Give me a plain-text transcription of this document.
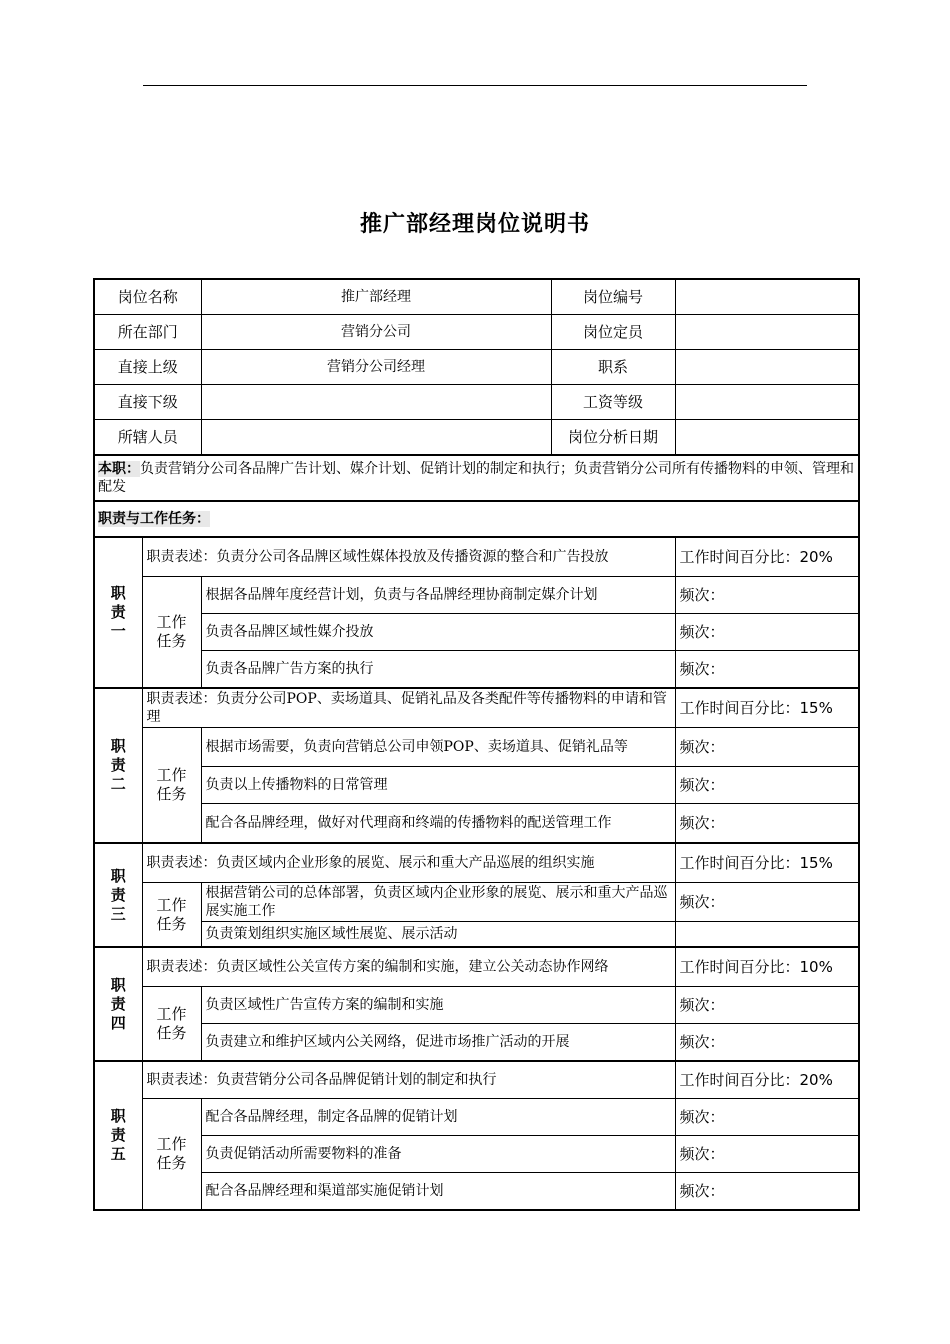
推广部经理岗位说明书
岗位名称		推广部经理	岗位编号	
所在部门		营销分公司	岗位定员	
直接上级		营销分公司经理	职系	
直接下级			工资等级	
所辖人员			岗位分析日期	
本职：负责营销分公司各品牌广告计划、媒介计划、促销计划的制定和执行；负责营销分公司所有传播物料的申领、管理和配发				
职责与工作任务：				
职责一	职责表述：负责分公司各品牌区域性媒体投放及传播资源的整合和广告投放			工作时间百分比：20%
	工作任务	根据各品牌年度经营计划，负责与各品牌经理协商制定媒介计划		频次：
		负责各品牌区域性媒介投放		频次：
		负责各品牌广告方案的执行		频次：
职责二	职责表述：负责分公司POP、卖场道具、促销礼品及各类配件等传播物料的申请和管理			工作时间百分比：15%
	工作任务	根据市场需要，负责向营销总公司申领POP、卖场道具、促销礼品等		频次：
		负责以上传播物料的日常管理		频次：
		配合各品牌经理，做好对代理商和终端的传播物料的配送管理工作		频次：
职责三	职责表述：负责区域内企业形象的展览、展示和重大产品巡展的组织实施			工作时间百分比：15%
	工作任务	根据营销公司的总体部署，负责区域内企业形象的展览、展示和重大产品巡展实施工作		频次：
		负责策划组织实施区域性展览、展示活动		
职责四	职责表述：负责区域性公关宣传方案的编制和实施，建立公关动态协作网络			工作时间百分比：10%
	工作任务	负责区域性广告宣传方案的编制和实施		频次：
		负责建立和维护区域内公关网络，促进市场推广活动的开展		频次：
职责五	职责表述：负责营销分公司各品牌促销计划的制定和执行			工作时间百分比：20%
	工作任务	配合各品牌经理，制定各品牌的促销计划		频次：
		负责促销活动所需要物料的准备		频次：
		配合各品牌经理和渠道部实施促销计划		频次：
